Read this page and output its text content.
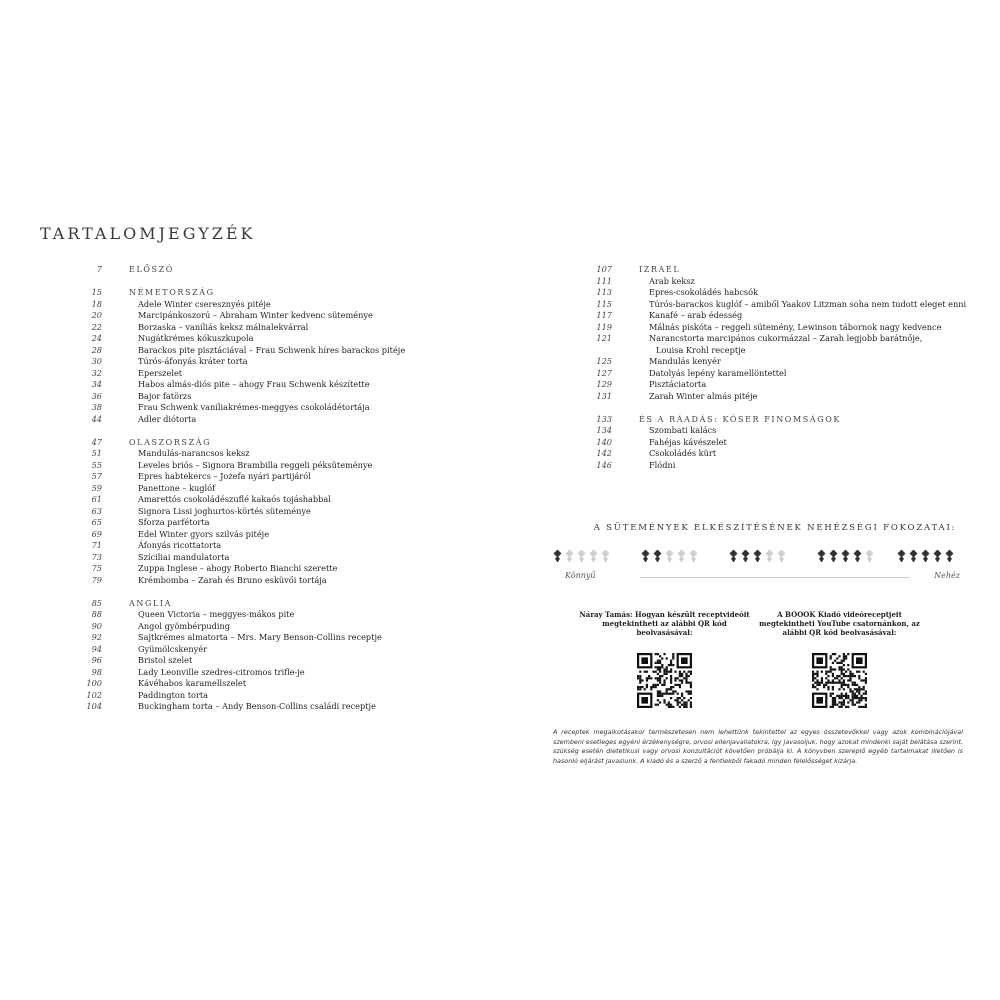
TARTALOMJEGYZÉK
7	ELŐSZÓ
15	NÉMETORSZÁG
18	Adele Winter cseresznyés pitéje
20	Marcipánkoszorú – Abraham Winter kedvenc süteménye
22	Borzaska – vaníliás keksz málnalekvárral
24	Nugátkrémes kókuszkupola
28	Barackos pite pisztáciával – Frau Schwenk híres barackos pitéje
30	Túrós-áfonyás kráter torta
32	Eperszelet
34	Habos almás-diós pite – ahogy Frau Schwenk készítette
36	Bajor fatörzs
38	Frau Schwenk vaníliakrémes-meggyes csokoládétortája
44	Adler diótorta
47	OLASZORSZÁG
51	Mandulás-narancsos keksz
55	Leveles briós – Signora Brambilla reggeli péksüteménye
57	Epres habtekercs – Jozefa nyári partijáról
59	Panettone – kuglóf
61	Amarettós csokoládészuflé kakaós tojáshabbal
63	Signora Lissi joghurtos-körtés süteménye
65	Sforza parfétorta
69	Edel Winter gyors szilvás pitéje
71	Áfonyás ricottatorta
73	Szíciliai mandulatorta
75	Zuppa Inglese – ahogy Roberto Bianchi szerette
79	Krémbomba – Zarah és Bruno esküvői tortája
85	ANGLIA
88	Queen Victoria – meggyes-mákos pite
90	Angol gyömbérpuding
92	Sajtkrémes almatorta – Mrs. Mary Benson-Collins receptje
94	Gyümölcskenyér
96	Bristol szelet
98	Lady Leonville szedres-citromos trifle-je
100	Kávéhabos karamellszelet
102	Paddington torta
104	Buckingham torta – Andy Benson-Collins családi receptje
107	IZRAEL
111	Arab keksz
113	Epres-csokoládés habcsók
115	Túrós-barackos kuglóf – amiből Yaakov Litzman soha nem tudott eleget enni
117	Kanafé – arab édesség
119	Málnás piskóta – reggeli sütemény, Lewinson tábornok nagy kedvence
121	Narancstorta marcipános cukormázzal – Zarah legjobb barátnője,
Louisa Krohl receptje
125	Mandulás kenyér
127	Datolyás lepény karamellöntettel
129	Pisztáciatorta
131	Zarah Winter almás pitéje
133	ÉS A RÁADÁS: KÓSER FINOMSÁGOK
134	Szombati kalács
140	Fahéjas kávészelet
142	Csokoládés kürt
146	Flódni
A SÜTEMÉNYEK ELKÉSZÍTÉSÉNEK NEHÉZSÉGI FOKOZATAI:
Könnyű	Nehéz
Náray Tamás: Hogyan készült receptvideóit megtekintheti az alábbi QR kód beolvasásával:
A BOOOK Kiadó videóreceptjeit megtekintheti YouTube csatornánkon, az alábbi QR kód beolvasásával:
A receptek megalkotásakor természetesen nem lehettünk tekintettel az egyes összetevőkkel vagy azok kombinációjával szembeni esetleges egyéni érzékenységre, orvosi ellenjavallatokra, így javasoljuk, hogy azokat mindenki saját belátása szerint, szükség esetén dietetikusi vagy orvosi konzultációt követően próbálja ki. A könyvben szereplő egyéb tartalmakat illetően is hasonló eljárást javaslunk. A kiadó és a szerző a fentiekből fakadó minden felelősséget kizárja.
